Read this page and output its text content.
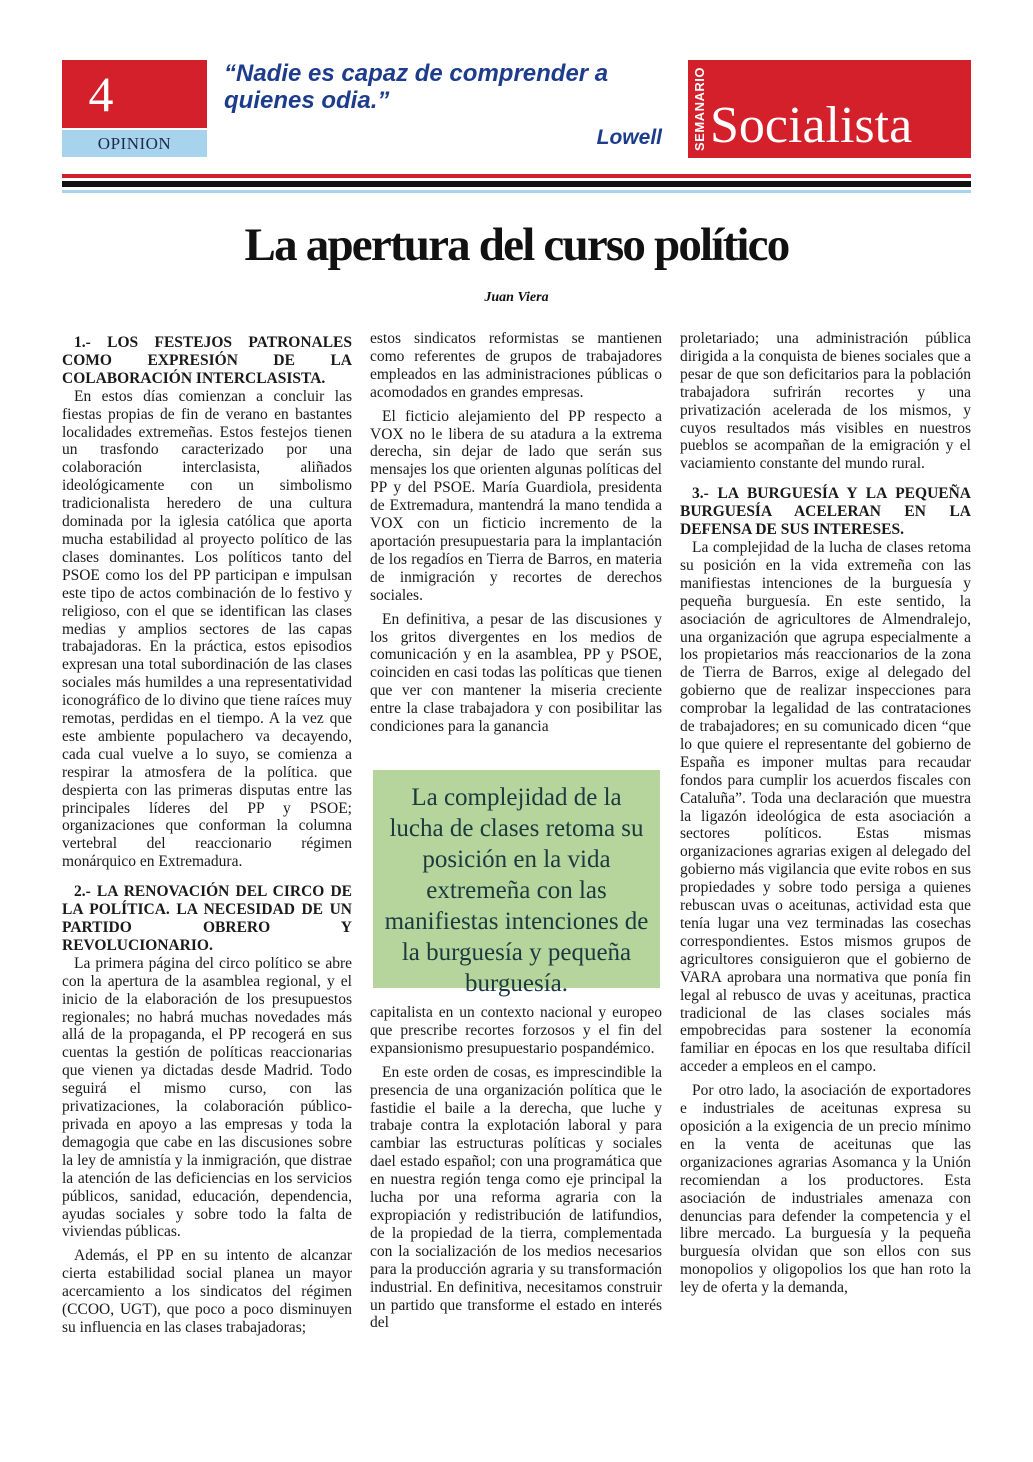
4
OPINION
“Nadie es capaz de comprender a quienes odia.”
Lowell SEMANARIO Socialista
La apertura del curso político
Juan Viera
1.- LOS FESTEJOS PATRONALES COMO EXPRESIÓN DE LA COLABORACIÓN INTERCLASISTA.

En estos días comienzan a concluir las fiestas propias de fin de verano en bastantes localidades extremeñas. Estos festejos tienen un trasfondo caracterizado por una colaboración interclasista, aliñados ideológicamente con un simbolismo tradicionalista heredero de una cultura dominada por la iglesia católica que aporta mucha estabilidad al proyecto político de las clases dominantes. Los políticos tanto del PSOE como los del PP participan e impulsan este tipo de actos combinación de lo festivo y religioso, con el que se identifican las clases medias y amplios sectores de las capas trabajadoras. En la práctica, estos episodios expresan una total subordinación de las clases sociales más humildes a una representatividad iconográfico de lo divino que tiene raíces muy remotas, perdidas en el tiempo. A la vez que este ambiente populachero va decayendo, cada cual vuelve a lo suyo, se comienza a respirar la atmosfera de la política. que despierta con las primeras disputas entre las principales líderes del PP y PSOE; organizaciones que conforman la columna vertebral del reaccionario régimen monárquico en Extremadura.

2.- LA RENOVACIÓN DEL CIRCO DE LA POLÍTICA. LA NECESIDAD DE UN PARTIDO OBRERO Y REVOLUCIONARIO.

La primera página del circo político se abre con la apertura de la asamblea regional, y el inicio de la elaboración de los presupuestos regionales; no habrá muchas novedades más allá de la propaganda, el PP recogerá en sus cuentas la gestión de políticas reaccionarias que vienen ya dictadas desde Madrid. Todo seguirá el mismo curso, con las privatizaciones, la colaboración público-privada en apoyo a las empresas y toda la demagogia que cabe en las discusiones sobre la ley de amnistía y la inmigración, que distrae la atención de las deficiencias en los servicios públicos, sanidad, educación, dependencia, ayudas sociales y sobre todo la falta de viviendas públicas.

Además, el PP en su intento de alcanzar cierta estabilidad social planea un mayor acercamiento a los sindicatos del régimen (CCOO, UGT), que poco a poco disminuyen su influencia en las clases trabajadoras;

estos sindicatos reformistas se mantienen como referentes de grupos de trabajadores empleados en las administraciones públicas o acomodados en grandes empresas.

El ficticio alejamiento del PP respecto a VOX no le libera de su atadura a la extrema derecha, sin dejar de lado que serán sus mensajes los que orienten algunas políticas del PP y del PSOE. María Guardiola, presidenta de Extremadura, mantendrá la mano tendida a VOX con un ficticio incremento de la aportación presupuestaria para la implantación de los regadíos en Tierra de Barros, en materia de inmigración y recortes de derechos sociales.

En definitiva, a pesar de las discusiones y los gritos divergentes en los medios de comunicación y en la asamblea, PP y PSOE, coinciden en casi todas las políticas que tienen que ver con mantener la miseria creciente entre la clase trabajadora y con posibilitar las condiciones para la ganancia

La complejidad de la lucha de clases retoma su posición en la vida extremeña con las manifiestas intenciones de la burguesía y pequeña burguesía.

capitalista en un contexto nacional y europeo que prescribe recortes forzosos y el fin del expansionismo presupuestario pospandémico.

En este orden de cosas, es imprescindible la presencia de una organización política que le fastidie el baile a la derecha, que luche y trabaje contra la explotación laboral y para cambiar las estructuras políticas y sociales dael estado español; con una programática que en nuestra región tenga como eje principal la lucha por una reforma agraria con la expropiación y redistribución de latifundios, de la propiedad de la tierra, complementada con la socialización de los medios necesarios para la producción agraria y su transformación industrial. En definitiva, necesitamos construir un partido que transforme el estado en interés del

proletariado; una administración pública dirigida a la conquista de bienes sociales que a pesar de que son deficitarios para la población trabajadora sufrirán recortes y una privatización acelerada de los mismos, y cuyos resultados más visibles en nuestros pueblos se acompañan de la emigración y el vaciamiento constante del mundo rural.

3.- LA BURGUESÍA Y LA PEQUEÑA BURGUESÍA ACELERAN EN LA DEFENSA DE SUS INTERESES.

La complejidad de la lucha de clases retoma su posición en la vida extremeña con las manifiestas intenciones de la burguesía y pequeña burguesía. En este sentido, la asociación de agricultores de Almendralejo, una organización que agrupa especialmente a los propietarios más reaccionarios de la zona de Tierra de Barros, exige al delegado del gobierno que de realizar inspecciones para comprobar la legalidad de las contrataciones de trabajadores; en su comunicado dicen “que lo que quiere el representante del gobierno de España es imponer multas para recaudar fondos para cumplir los acuerdos fiscales con Cataluña”. Toda una declaración que muestra la ligazón ideológica de esta asociación a sectores políticos. Estas mismas organizaciones agrarias exigen al delegado del gobierno más vigilancia que evite robos en sus propiedades y sobre todo persiga a quienes rebuscan uvas o aceitunas, actividad esta que tenía lugar una vez terminadas las cosechas correspondientes. Estos mismos grupos de agricultores consiguieron que el gobierno de VARA aprobara una normativa que ponía fin legal al rebusco de uvas y aceitunas, practica tradicional de las clases sociales más empobrecidas para sostener la economía familiar en épocas en los que resultaba difícil acceder a empleos en el campo.

Por otro lado, la asociación de exportadores e industriales de aceitunas expresa su oposición a la exigencia de un precio mínimo en la venta de aceitunas que las organizaciones agrarias Asomanca y la Unión recomiendan a los productores. Esta asociación de industriales amenaza con denuncias para defender la competencia y el libre mercado. La burguesía y la pequeña burguesía olvidan que son ellos con sus monopolios y oligopolios los que han roto la ley de oferta y la demanda,
